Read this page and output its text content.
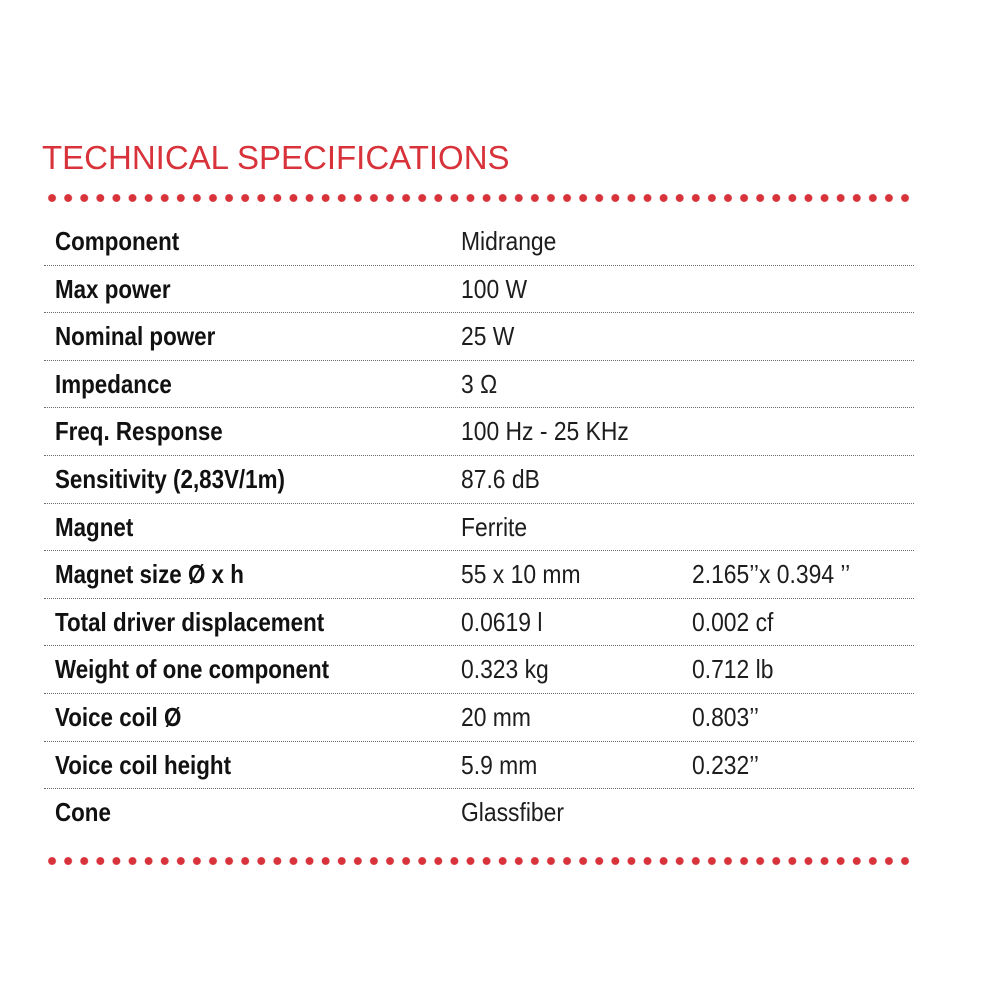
TECHNICAL SPECIFICATIONS
Component	Midrange
Max power	100 W
Nominal power	25 W
Impedance	3 Ω
Freq. Response	100 Hz - 25 KHz
Sensitivity (2,83V/1m)	87.6 dB
Magnet	Ferrite
Magnet size Ø x h	55 x 10 mm	2.165’’x 0.394 ’’
Total driver displacement	0.0619 l	0.002 cf
Weight of one component	0.323 kg	0.712 lb
Voice coil Ø	20 mm	0.803’’
Voice coil height	5.9 mm	0.232’’
Cone	Glassfiber
